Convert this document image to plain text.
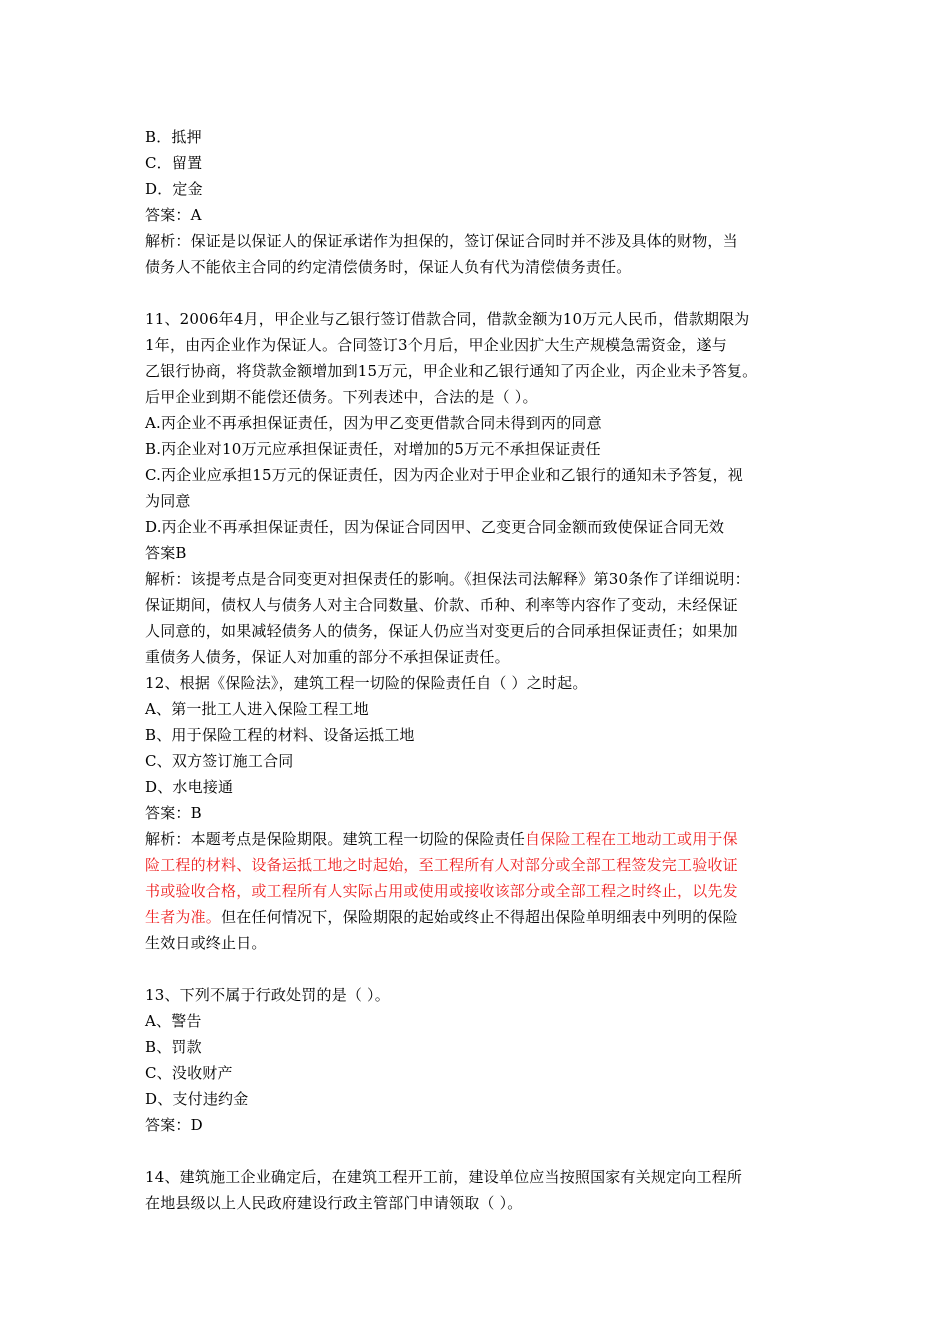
B．抵押
C．留置
D．定金
答案：A
解析：保证是以保证人的保证承诺作为担保的，签订保证合同时并不涉及具体的财物，当
债务人不能依主合同的约定清偿债务时，保证人负有代为清偿债务责任。
11、2006年4月，甲企业与乙银行签订借款合同，借款金额为10万元人民币，借款期限为
1年，由丙企业作为保证人。合同签订3个月后，甲企业因扩大生产规模急需资金，遂与
乙银行协商，将贷款金额增加到15万元，甲企业和乙银行通知了丙企业，丙企业未予答复。
后甲企业到期不能偿还债务。下列表述中，合法的是（ ）。
A.丙企业不再承担保证责任，因为甲乙变更借款合同未得到丙的同意
B.丙企业对10万元应承担保证责任，对增加的5万元不承担保证责任
C.丙企业应承担15万元的保证责任，因为丙企业对于甲企业和乙银行的通知未予答复，视
为同意
D.丙企业不再承担保证责任，因为保证合同因甲、乙变更合同金额而致使保证合同无效
答案B
解析：该提考点是合同变更对担保责任的影响。《担保法司法解释》第30条作了详细说明：
保证期间，债权人与债务人对主合同数量、价款、币种、利率等内容作了变动，未经保证
人同意的，如果减轻债务人的债务，保证人仍应当对变更后的合同承担保证责任；如果加
重债务人债务，保证人对加重的部分不承担保证责任。
12、根据《保险法》，建筑工程一切险的保险责任自（ ）之时起。
A、第一批工人进入保险工程工地
B、用于保险工程的材料、设备运抵工地
C、双方签订施工合同
D、水电接通
答案：B
解析：本题考点是保险期限。建筑工程一切险的保险责任自保险工程在工地动工或用于保
险工程的材料、设备运抵工地之时起始，至工程所有人对部分或全部工程签发完工验收证
书或验收合格，或工程所有人实际占用或使用或接收该部分或全部工程之时终止，以先发
生者为准。但在任何情况下，保险期限的起始或终止不得超出保险单明细表中列明的保险
生效日或终止日。
13、下列不属于行政处罚的是（ ）。
A、警告
B、罚款
C、没收财产
D、支付违约金
答案：D
14、建筑施工企业确定后，在建筑工程开工前，建设单位应当按照国家有关规定向工程所
在地县级以上人民政府建设行政主管部门申请领取（ ）。
